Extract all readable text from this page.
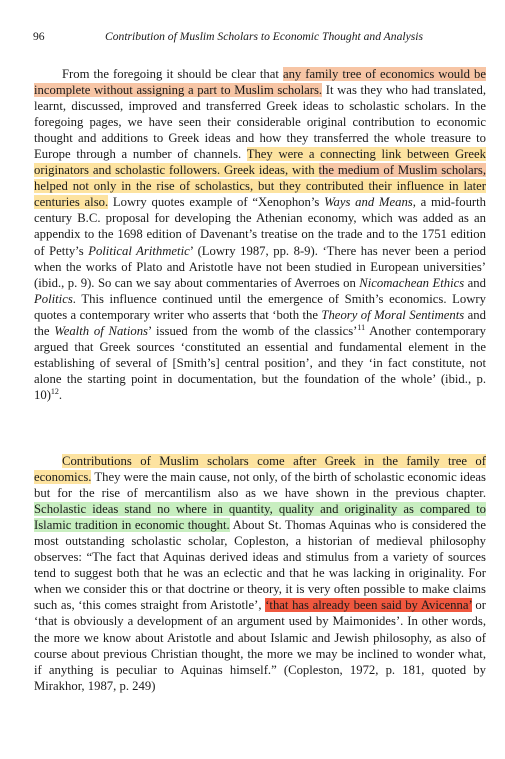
96	Contribution of Muslim Scholars to Economic Thought and Analysis

From the foregoing it should be clear that any family tree of economics would be incomplete without assigning a part to Muslim scholars. It was they who had translated, learnt, discussed, improved and transferred Greek ideas to scholastic scholars. In the foregoing pages, we have seen their considerable original contribution to economic thought and additions to Greek ideas and how they transferred the whole treasure to Europe through a number of channels. They were a connecting link between Greek originators and scholastic followers. Greek ideas, with the medium of Muslim scholars, helped not only in the rise of scholastics, but they contributed their influence in later centuries also. Lowry quotes example of “Xenophon’s Ways and Means, a mid-fourth century B.C. proposal for developing the Athenian economy, which was added as an appendix to the 1698 edition of Davenant’s treatise on the trade and to the 1751 edition of Petty’s Political Arithmetic’ (Lowry 1987, pp. 8-9). ‘There has never been a period when the works of Plato and Aristotle have not been studied in European universities’ (ibid., p. 9). So can we say about commentaries of Averroes on Nicomachean Ethics and Politics. This influence continued until the emergence of Smith’s economics. Lowry quotes a contemporary writer who asserts that ‘both the Theory of Moral Sentiments and the Wealth of Nations’ issued from the womb of the classics’$^{11}$ Another contemporary argued that Greek sources ‘constituted an essential and fundamental element in the establishing of several of [Smith’s] central position’, and they ‘in fact constitute, not alone the starting point in documentation, but the foundation of the whole’ (ibid., p. 10)$^{12}$.

Contributions of Muslim scholars come after Greek in the family tree of economics. They were the main cause, not only, of the birth of scholastic economic ideas but for the rise of mercantilism also as we have shown in the previous chapter. Scholastic ideas stand no where in quantity, quality and originality as compared to Islamic tradition in economic thought. About St. Thomas Aquinas who is considered the most outstanding scholastic scholar, Copleston, a historian of medieval philosophy observes: “The fact that Aquinas derived ideas and stimulus from a variety of sources tend to suggest both that he was an eclectic and that he was lacking in originality. For when we consider this or that doctrine or theory, it is very often possible to make claims such as, ‘this comes straight from Aristotle’, ‘that has already been said by Avicenna’ or ‘that is obviously a development of an argument used by Maimonides’. In other words, the more we know about Aristotle and about Islamic and Jewish philosophy, as also of course about previous Christian thought, the more we may be inclined to wonder what, if anything is peculiar to Aquinas himself.” (Copleston, 1972, p. 181, quoted by Mirakhor, 1987, p. 249)
